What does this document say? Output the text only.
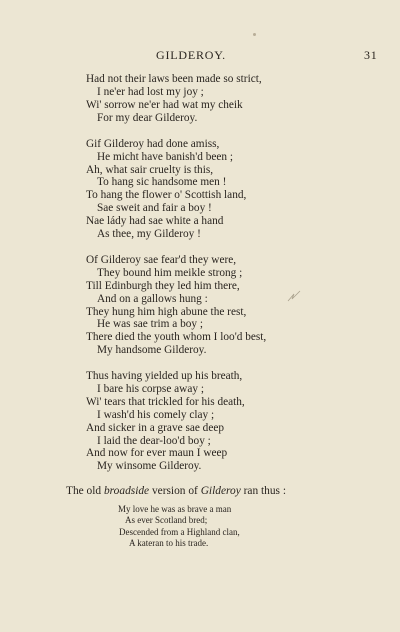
GILDEROY.	31
Had not their laws been made so strict,
I ne'er had lost my joy ;
Wi' sorrow ne'er had wat my cheik
For my dear Gilderoy.
Gif Gilderoy had done amiss,
He micht have banish'd been ;
Ah, what sair cruelty is this,
To hang sic handsome men !
To hang the flower o' Scottish land,
Sae sweit and fair a boy !
Nae lády had sae white a hand
As thee, my Gilderoy !
Of Gilderoy sae fear'd they were,
They bound him meikle strong ;
Till Edinburgh they led him there,
And on a gallows hung :
They hung him high abune the rest,
He was sae trim a boy ;
There died the youth whom I loo'd best,
My handsome Gilderoy.
Thus having yielded up his breath,
I bare his corpse away ;
Wi' tears that trickled for his death,
I wash'd his comely clay ;
And sicker in a grave sae deep
I laid the dear-loo'd boy ;
And now for ever maun I weep
My winsome Gilderoy.
The old broadside version of Gilderoy ran thus :
My love he was as brave a man
As ever Scotland bred;
Descended from a Highland clan,
A kateran to his trade.
